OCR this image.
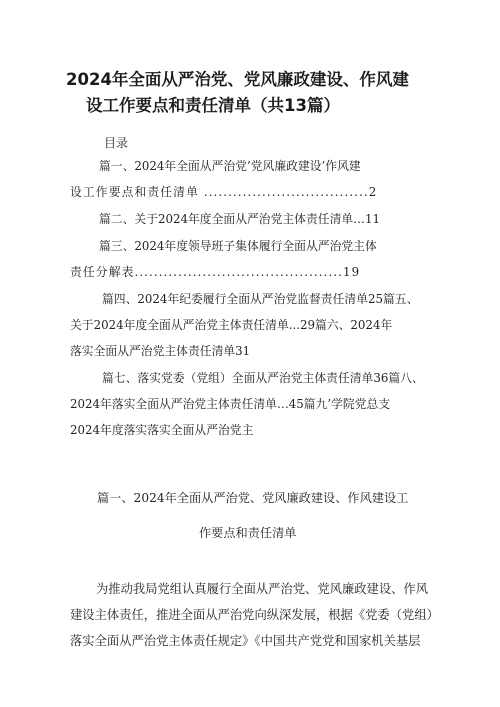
2024年全面从严治党、党风廉政建设、作风建
设工作要点和责任清单（共13篇）
目录
篇一、2024年全面从严治党’党风廉政建设’作风建
设工作要点和责任清单 ..................................2
篇二、关于2024年度全面从严治党主体责任清单…11
篇三、2024年度领导班子集体履行全面从严治党主体
责任分解表...........................................19
篇四、2024年纪委履行全面从严治党监督责任清单25篇五、
关于2024年度全面从严治党主体责任清单...29篇六、2024年
落实全面从严治党主体责任清单31
篇七、落实党委（党组）全面从严治党主体责任清单36篇八、
2024年落实全面从严治党主体责任清单…45篇九’学院党总支
2024年度落实落实全面从严治党主
篇一、2024年全面从严治党、党风廉政建设、作风建设工
作要点和责任清单
为推动我局党组认真履行全面从严治党、党风廉政建设、作风
建设主体责任，推进全面从严治党向纵深发展，根据《党委（党组）
落实全面从严治党主体责任规定》《中国共产党党和国家机关基层
